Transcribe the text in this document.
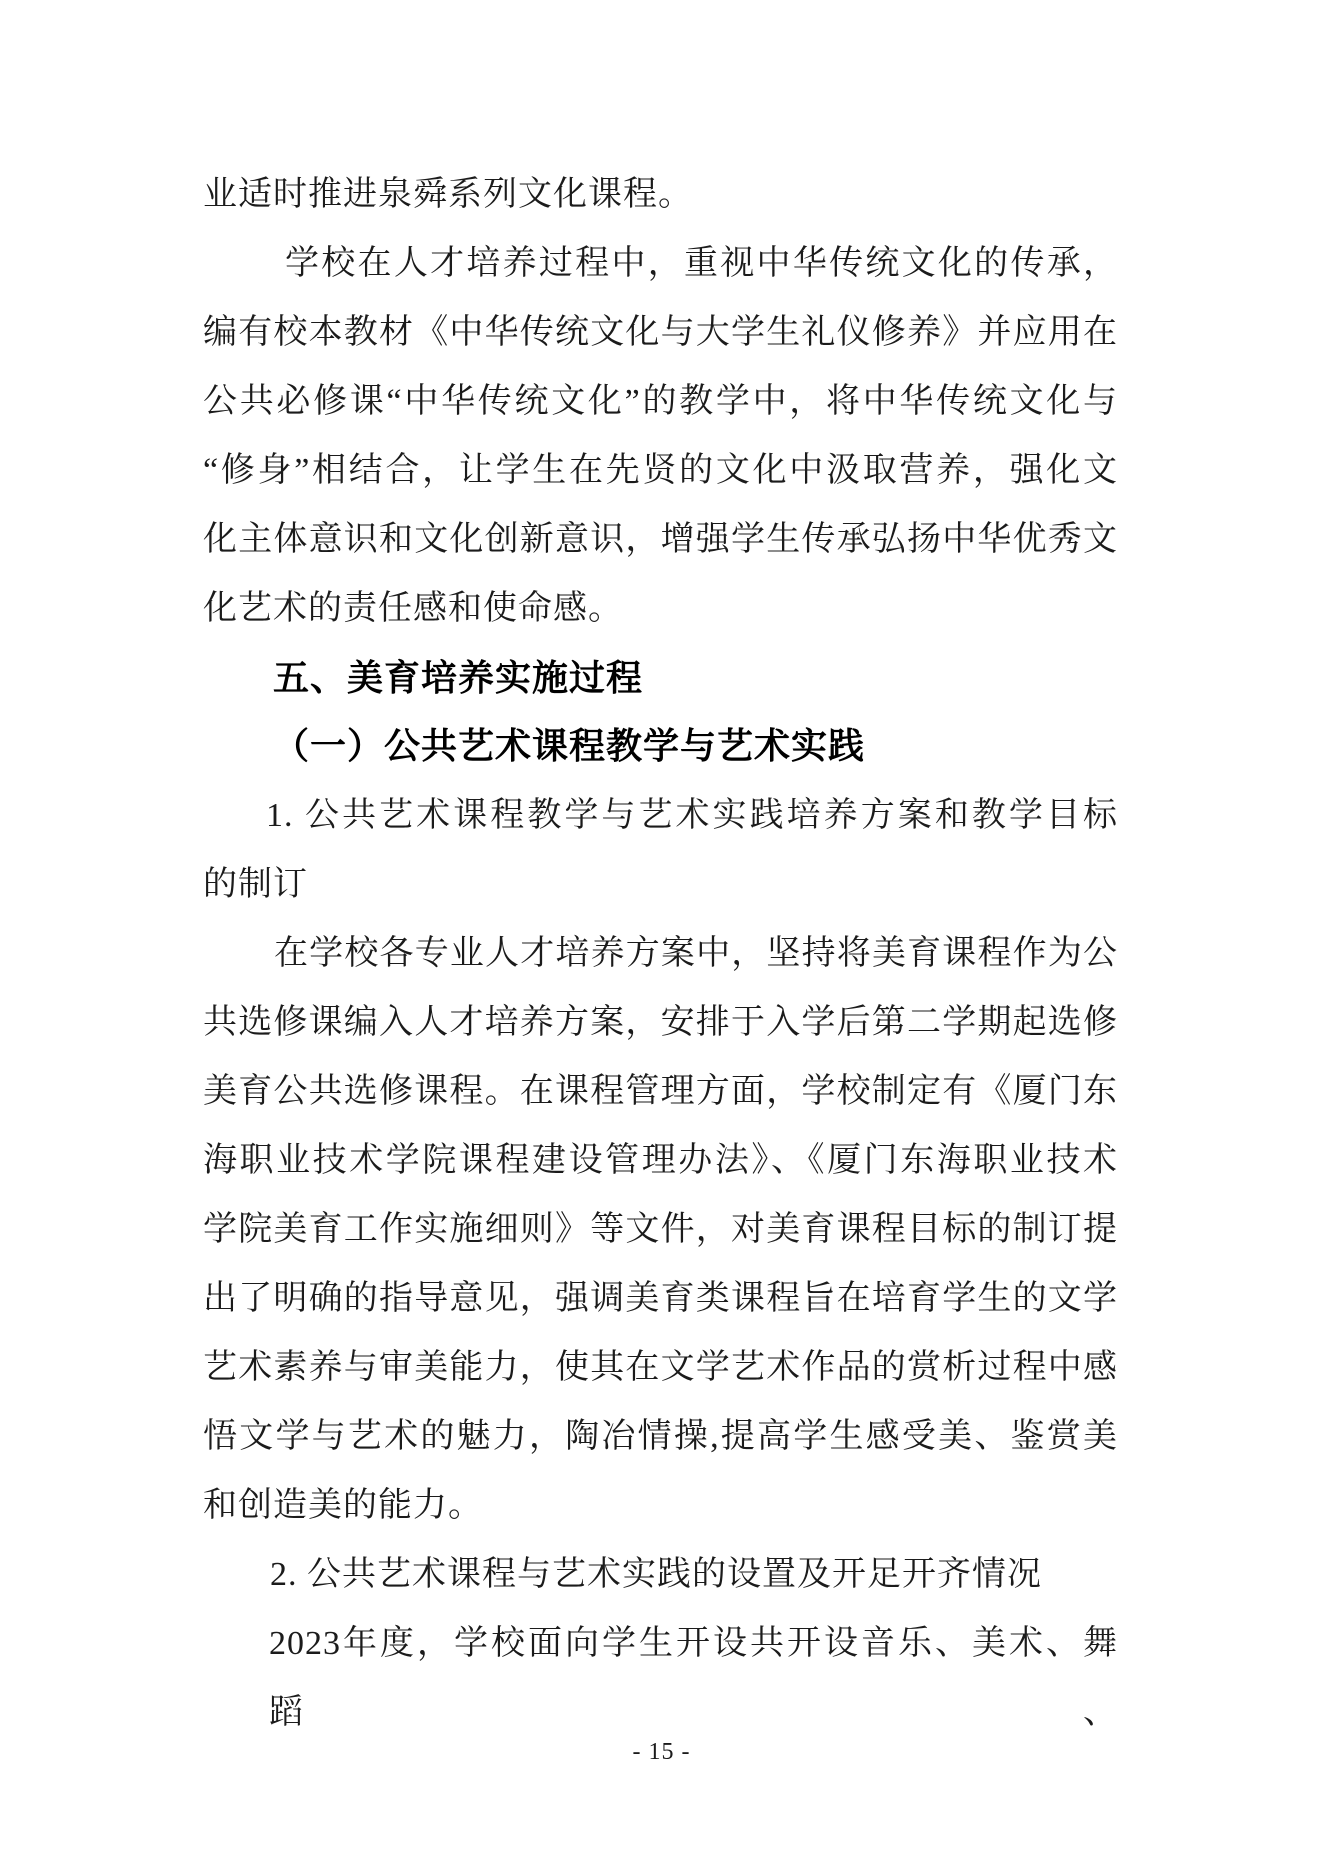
业适时推进泉舜系列文化课程。
学校在人才培养过程中，重视中华传统文化的传承，
编有校本教材《中华传统文化与大学生礼仪修养》并应用在
公共必修课“中华传统文化”的教学中，将中华传统文化与
“修身”相结合，让学生在先贤的文化中汲取营养，强化文
化主体意识和文化创新意识，增强学生传承弘扬中华优秀文
化艺术的责任感和使命感。
五、美育培养实施过程
（一）公共艺术课程教学与艺术实践
1. 公共艺术课程教学与艺术实践培养方案和教学目标
的制订
在学校各专业人才培养方案中，坚持将美育课程作为公
共选修课编入人才培养方案，安排于入学后第二学期起选修
美育公共选修课程。在课程管理方面，学校制定有《厦门东
海职业技术学院课程建设管理办法》、《厦门东海职业技术
学院美育工作实施细则》等文件，对美育课程目标的制订提
出了明确的指导意见，强调美育类课程旨在培育学生的文学
艺术素养与审美能力，使其在文学艺术作品的赏析过程中感
悟文学与艺术的魅力，陶冶情操,提高学生感受美、鉴赏美
和创造美的能力。
2. 公共艺术课程与艺术实践的设置及开足开齐情况
2023年度，学校面向学生开设共开设音乐、美术、舞蹈、
- 15 -
